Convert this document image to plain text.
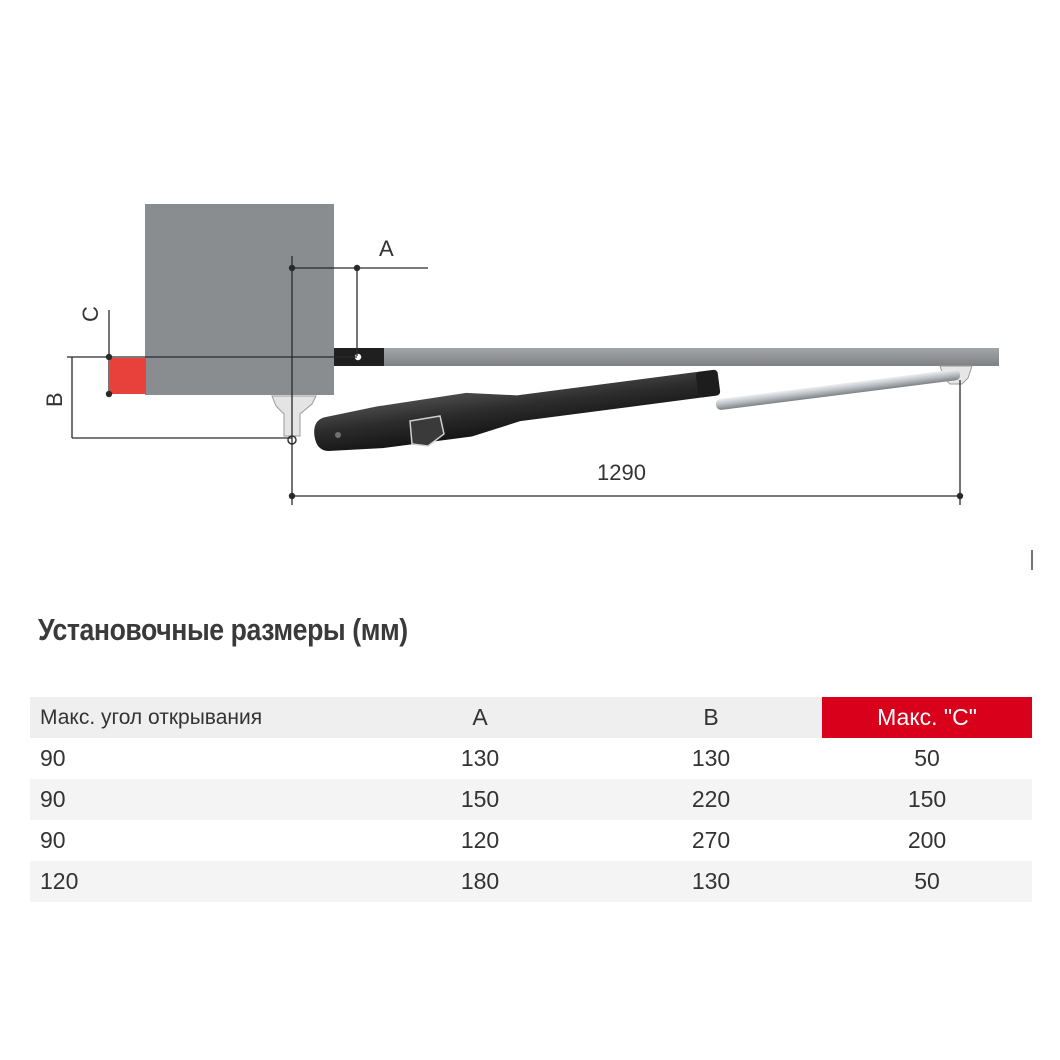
A
C
B
1290
Установочные размеры (мм)
Макс. угол открывания	A	B	Макс. "C"
90	130	130	50
90	150	220	150
90	120	270	200
120	180	130	50
